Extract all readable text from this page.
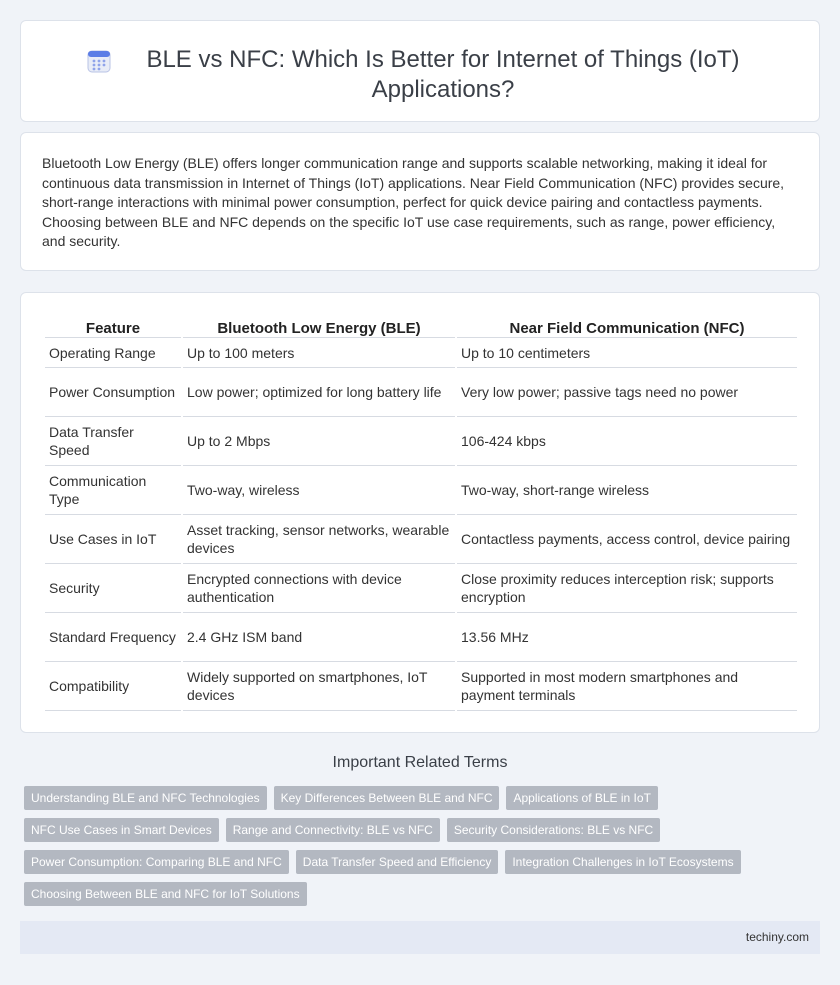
BLE vs NFC: Which Is Better for Internet of Things (IoT) Applications?

Bluetooth Low Energy (BLE) offers longer communication range and supports scalable networking, making it ideal for continuous data transmission in Internet of Things (IoT) applications. Near Field Communication (NFC) provides secure, short-range interactions with minimal power consumption, perfect for quick device pairing and contactless payments. Choosing between BLE and NFC depends on the specific IoT use case requirements, such as range, power efficiency, and security.

Feature	Bluetooth Low Energy (BLE)	Near Field Communication (NFC)
Operating Range	Up to 100 meters	Up to 10 centimeters
Power Consumption	Low power; optimized for long battery life	Very low power; passive tags need no power
Data Transfer Speed	Up to 2 Mbps	106-424 kbps
Communication Type	Two-way, wireless	Two-way, short-range wireless
Use Cases in IoT	Asset tracking, sensor networks, wearable devices	Contactless payments, access control, device pairing
Security	Encrypted connections with device authentication	Close proximity reduces interception risk; supports encryption
Standard Frequency	2.4 GHz ISM band	13.56 MHz
Compatibility	Widely supported on smartphones, IoT devices	Supported in most modern smartphones and payment terminals
Important Related Terms
Understanding BLE and NFC Technologies	Key Differences Between BLE and NFC	Applications of BLE in IoT
NFC Use Cases in Smart Devices	Range and Connectivity: BLE vs NFC	Security Considerations: BLE vs NFC
Power Consumption: Comparing BLE and NFC	Data Transfer Speed and Efficiency	Integration Challenges in IoT Ecosystems
Choosing Between BLE and NFC for IoT Solutions
techiny.com
